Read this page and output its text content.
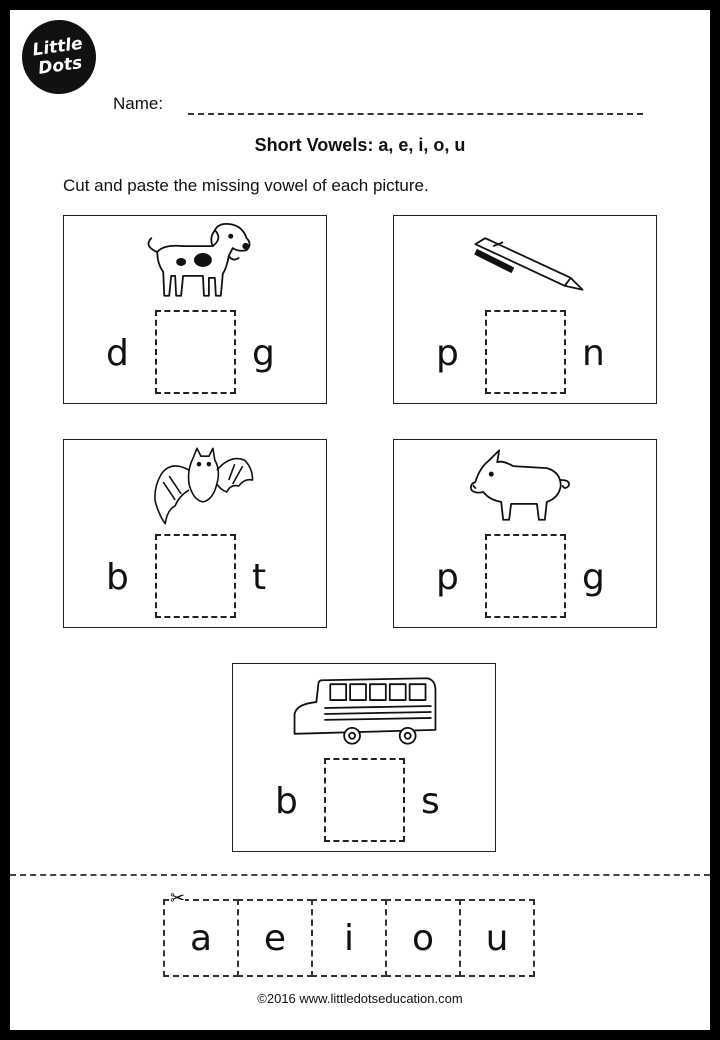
Little
Dots
Name:
Short Vowels: a, e, i, o, u
Cut and paste the missing vowel of each picture.
d	g	p	n
b	t	p	g
b	s
a	e	i	o	u
✂
©2016 www.littledotseducation.com
